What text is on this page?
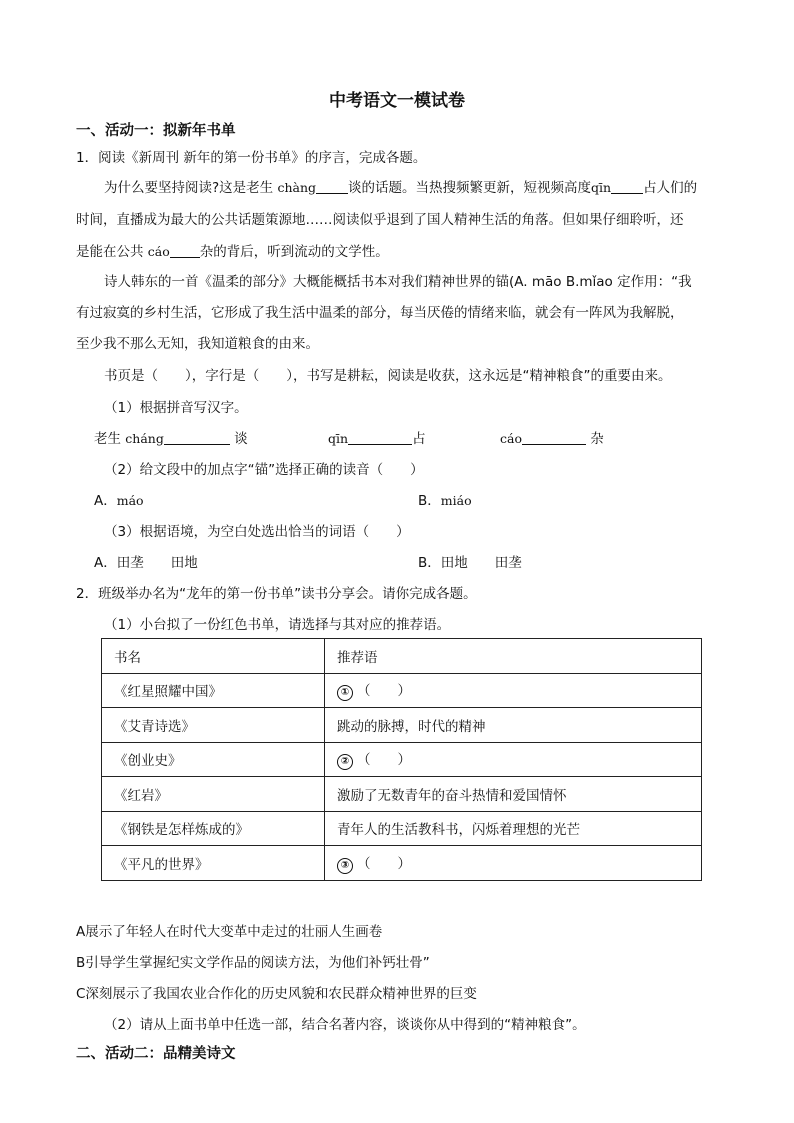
中考语文一模试卷
一、活动一：拟新年书单
1．阅读《新周刊 新年的第一份书单》的序言，完成各题。
为什么要坚持阅读?这是老生 chàng 谈的话题。当热搜频繁更新，短视频高度qīn 占人们的
时间，直播成为最大的公共话题策源地……阅读似乎退到了国人精神生活的角落。但如果仔细聆听，还
是能在公共 cáo 杂的背后，听到流动的文学性。
诗人韩东的一首《温柔的部分》大概能概括书本对我们精神世界的锚(A. māo B.mǐao 定作用：“我
有过寂寞的乡村生活，它形成了我生活中温柔的部分，每当厌倦的情绪来临，就会有一阵风为我解脱，
至少我不那么无知，我知道粮食的由来。
书页是（　　），字行是（　　），书写是耕耘，阅读是收获，这永远是“精神粮食”的重要由来。
（1）根据拼音写汉字。
老生 cháng	谈	qīn	占	cáo	杂
（2）给文段中的加点字“锚”选择正确的读音（　　）
A．máo	B．miáo
（3）根据语境，为空白处选出恰当的词语（　　）
A．田垄　　田地	B．田地　　田垄
2．班级举办名为“龙年的第一份书单”读书分享会。请你完成各题。
（1）小台拟了一份红色书单，请选择与其对应的推荐语。
书名	推荐语
《红星照耀中国》	① （　　）
《艾青诗选》	跳动的脉搏，时代的精神
《创业史》	② （　　）
《红岩》	激励了无数青年的奋斗热情和爱国情怀
《钢铁是怎样炼成的》	青年人的生活教科书，闪烁着理想的光芒
《平凡的世界》	③ （　　）
A展示了年轻人在时代大变革中走过的壮丽人生画卷
B引导学生掌握纪实文学作品的阅读方法，为他们补钙壮骨”
C深刻展示了我国农业合作化的历史风貌和农民群众精神世界的巨变
（2）请从上面书单中任选一部，结合名著内容，谈谈你从中得到的“精神粮食”。
二、活动二：品精美诗文
